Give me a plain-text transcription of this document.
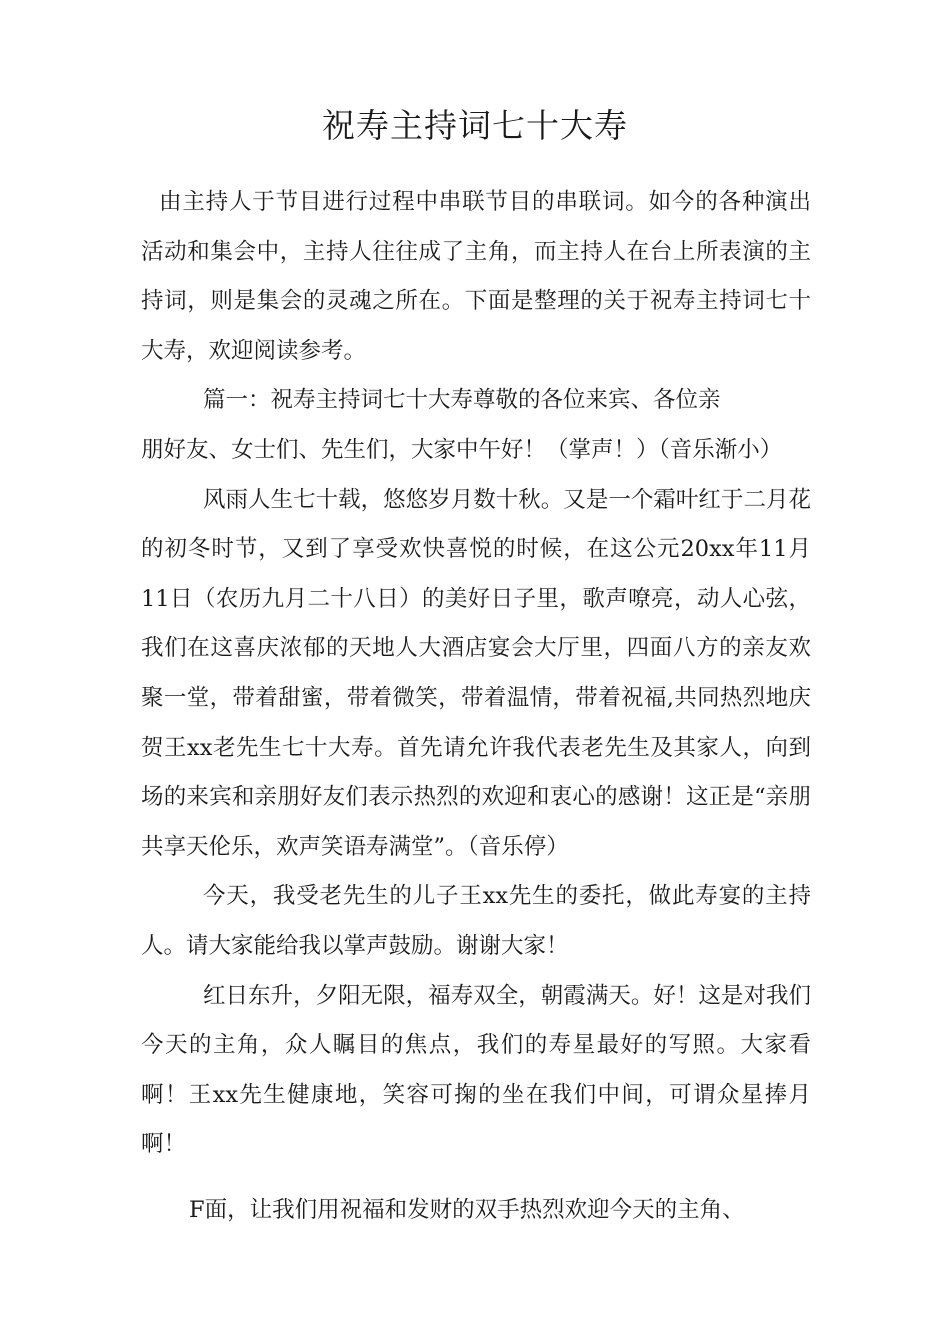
祝寿主持词七十大寿

由主持人于节目进行过程中串联节目的串联词。如今的各种演出活动和集会中，主持人往往成了主角，而主持人在台上所表演的主持词，则是集会的灵魂之所在。下面是整理的关于祝寿主持词七十大寿，欢迎阅读参考。

篇一：祝寿主持词七十大寿尊敬的各位来宾、各位亲

朋好友、女士们、先生们，大家中午好！（掌声！）（音乐渐小）

风雨人生七十载，悠悠岁月数十秋。又是一个霜叶红于二月花的初冬时节，又到了享受欢快喜悦的时候，在这公元20xx年11月11日（农历九月二十八日）的美好日子里，歌声嘹亮，动人心弦，我们在这喜庆浓郁的天地人大酒店宴会大厅里，四面八方的亲友欢聚一堂，带着甜蜜，带着微笑，带着温情，带着祝福,共同热烈地庆贺王xx老先生七十大寿。首先请允许我代表老先生及其家人，向到场的来宾和亲朋好友们表示热烈的欢迎和衷心的感谢！这正是“亲朋共享天伦乐，欢声笑语寿满堂”。（音乐停）

今天，我受老先生的儿子王xx先生的委托，做此寿宴的主持人。请大家能给我以掌声鼓励。谢谢大家！

红日东升，夕阳无限，福寿双全，朝霞满天。好！这是对我们今天的主角，众人瞩目的焦点，我们的寿星最好的写照。大家看啊！王xx先生健康地，笑容可掬的坐在我们中间，可谓众星捧月啊！

F面，让我们用祝福和发财的双手热烈欢迎今天的主角、
